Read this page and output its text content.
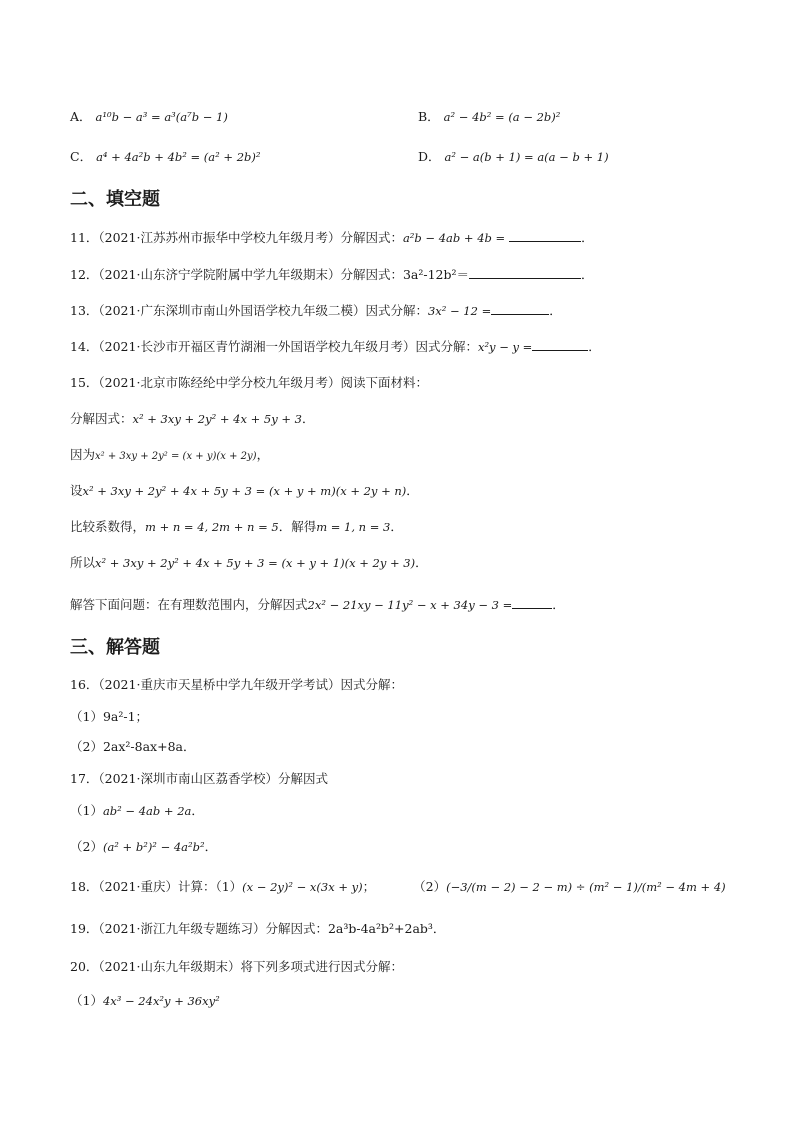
A． a¹⁰b − a³ = a³(a⁷b − 1)	B． a² − 4b² = (a − 2b)²
C． a⁴ + 4a²b + 4b² = (a² + 2b)²	D． a² − a(b + 1) = a(a − b + 1)
二、填空题
11．（2021·江苏苏州市振华中学校九年级月考）分解因式：a²b − 4ab + 4b =	．
12．（2021·山东济宁学院附属中学九年级期末）分解因式：3a²-12b²＝	．
13．（2021·广东深圳市南山外国语学校九年级二模）因式分解：3x² − 12 =	．
14．（2021·长沙市开福区青竹湖湘一外国语学校九年级月考）因式分解：x²y − y =	．
15．（2021·北京市陈经纶中学分校九年级月考）阅读下面材料：
分解因式：x² + 3xy + 2y² + 4x + 5y + 3．
因为x² + 3xy + 2y² = (x + y)(x + 2y)，
设x² + 3xy + 2y² + 4x + 5y + 3 = (x + y + m)(x + 2y + n)．
比较系数得，m + n = 4, 2m + n = 5．解得m = 1, n = 3．
所以x² + 3xy + 2y² + 4x + 5y + 3 = (x + y + 1)(x + 2y + 3)．
解答下面问题：在有理数范围内，分解因式2x² − 21xy − 11y² − x + 34y − 3 =	．
三、解答题
16．（2021·重庆市天星桥中学九年级开学考试）因式分解：
（1）9a²-1；
（2）2ax²-8ax+8a．
17．（2021·深圳市南山区荔香学校）分解因式
（1）ab² − 4ab + 2a．
（2）(a² + b²)² − 4a²b²．
18．（2021·重庆）计算：（1）(x − 2y)² − x(3x + y)；	（2）(−3/(m − 2) − 2 − m) ÷ (m² − 1)/(m² − 4m + 4)
19．（2021·浙江九年级专题练习）分解因式：2a³b-4a²b²+2ab³．
20．（2021·山东九年级期末）将下列多项式进行因式分解：
（1）4x³ − 24x²y + 36xy²
